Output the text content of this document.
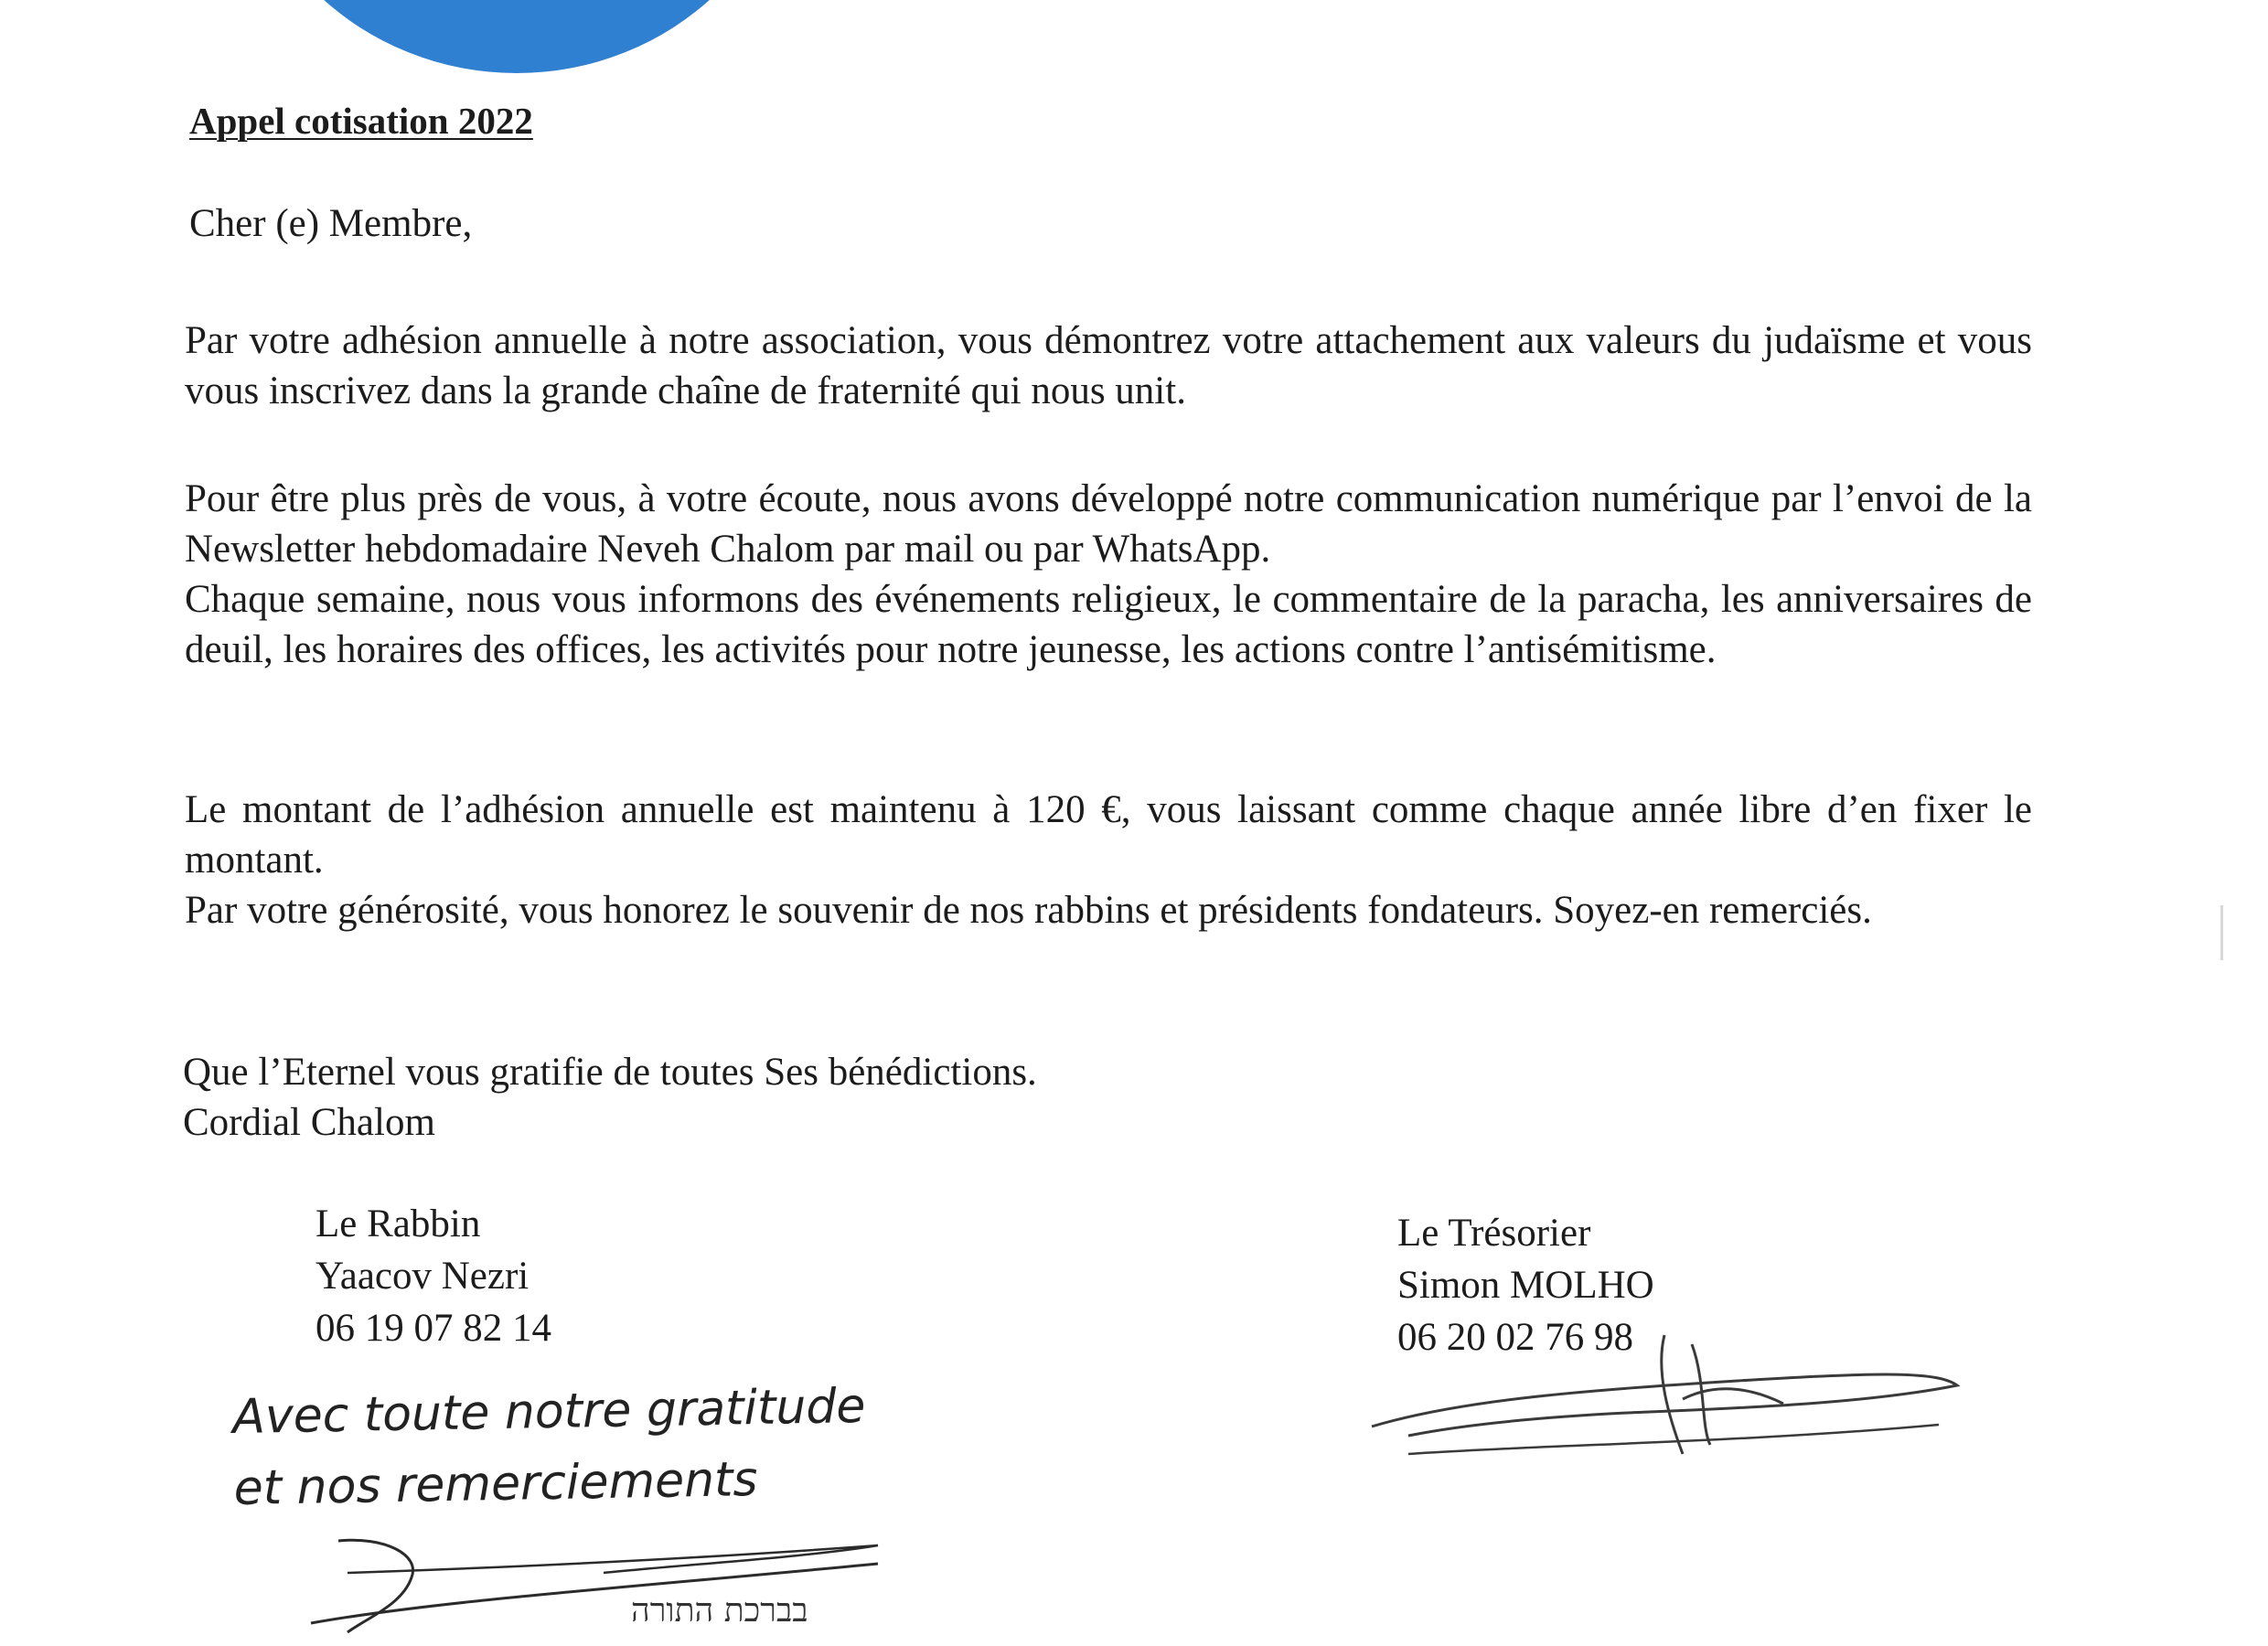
Appel cotisation 2022
Cher (e) Membre,

Par votre adhésion annuelle à notre association, vous démontrez votre attachement aux valeurs du judaïsme et vous vous inscrivez dans la grande chaîne de fraternité qui nous unit.

Pour être plus près de vous, à votre écoute, nous avons développé notre communication numérique par l’envoi de la Newsletter hebdomadaire Neveh Chalom par mail ou par WhatsApp.
Chaque semaine, nous vous informons des événements religieux, le commentaire de la paracha, les anniversaires de deuil, les horaires des offices, les activités pour notre jeunesse, les actions contre l’antisémitisme.
Le montant de l’adhésion annuelle est maintenu à 120 €, vous laissant comme chaque année libre d’en fixer le montant.
Par votre générosité, vous honorez le souvenir de nos rabbins et présidents fondateurs. Soyez-en remerciés.
Que l’Eternel vous gratifie de toutes Ses bénédictions.
Cordial Chalom
Le Rabbin
Yaacov Nezri
06 19 07 82 14
Le Trésorier
Simon MOLHO
06 20 02 76 98
Avec toute notre gratitude
et nos remerciements
בברכת התורה
